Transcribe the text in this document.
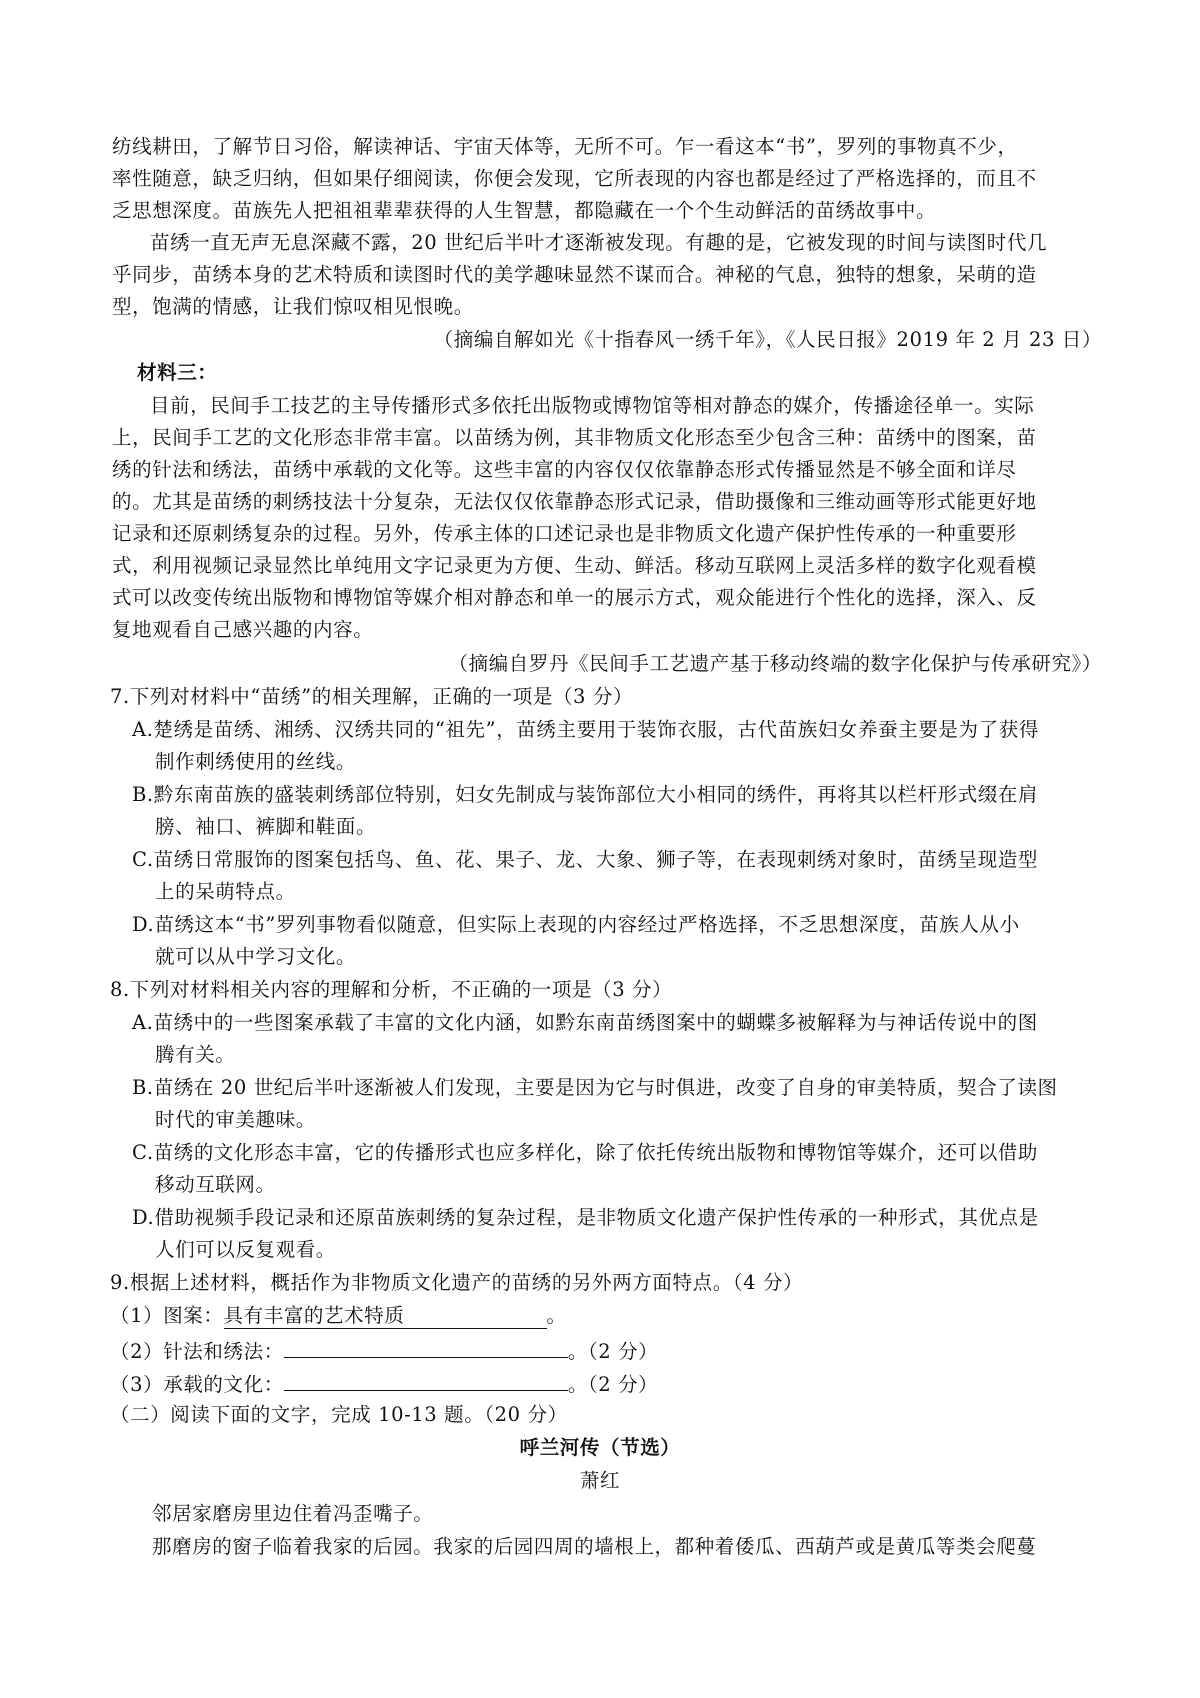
纺线耕田，了解节日习俗，解读神话、宇宙天体等，无所不可。乍一看这本“书”，罗列的事物真不少，
率性随意，缺乏归纳，但如果仔细阅读，你便会发现，它所表现的内容也都是经过了严格选择的，而且不
乏思想深度。苗族先人把祖祖辈辈获得的人生智慧，都隐藏在一个个生动鲜活的苗绣故事中。
苗绣一直无声无息深藏不露，20 世纪后半叶才逐渐被发现。有趣的是，它被发现的时间与读图时代几
乎同步，苗绣本身的艺术特质和读图时代的美学趣味显然不谋而合。神秘的气息，独特的想象，呆萌的造
型，饱满的情感，让我们惊叹相见恨晚。
（摘编自解如光《十指春风一绣千年》，《人民日报》2019 年 2 月 23 日）
材料三：
目前，民间手工技艺的主导传播形式多依托出版物或博物馆等相对静态的媒介，传播途径单一。实际
上，民间手工艺的文化形态非常丰富。以苗绣为例，其非物质文化形态至少包含三种：苗绣中的图案，苗
绣的针法和绣法，苗绣中承载的文化等。这些丰富的内容仅仅依靠静态形式传播显然是不够全面和详尽
的。尤其是苗绣的刺绣技法十分复杂，无法仅仅依靠静态形式记录，借助摄像和三维动画等形式能更好地
记录和还原刺绣复杂的过程。另外，传承主体的口述记录也是非物质文化遗产保护性传承的一种重要形
式，利用视频记录显然比单纯用文字记录更为方便、生动、鲜活。移动互联网上灵活多样的数字化观看模
式可以改变传统出版物和博物馆等媒介相对静态和单一的展示方式，观众能进行个性化的选择，深入、反
复地观看自己感兴趣的内容。
（摘编自罗丹《民间手工艺遗产基于移动终端的数字化保护与传承研究》）
7.下列对材料中“苗绣”的相关理解，正确的一项是（3 分）
A.楚绣是苗绣、湘绣、汉绣共同的“祖先”，苗绣主要用于装饰衣服，古代苗族妇女养蚕主要是为了获得
制作刺绣使用的丝线。
B.黔东南苗族的盛装刺绣部位特别，妇女先制成与装饰部位大小相同的绣件，再将其以栏杆形式缀在肩
膀、袖口、裤脚和鞋面。
C.苗绣日常服饰的图案包括鸟、鱼、花、果子、龙、大象、狮子等，在表现刺绣对象时，苗绣呈现造型
上的呆萌特点。
D.苗绣这本“书”罗列事物看似随意，但实际上表现的内容经过严格选择，不乏思想深度，苗族人从小
就可以从中学习文化。
8.下列对材料相关内容的理解和分析，不正确的一项是（3 分）
A.苗绣中的一些图案承载了丰富的文化内涵，如黔东南苗绣图案中的蝴蝶多被解释为与神话传说中的图
腾有关。
B.苗绣在 20 世纪后半叶逐渐被人们发现，主要是因为它与时俱进，改变了自身的审美特质，契合了读图
时代的审美趣味。
C.苗绣的文化形态丰富，它的传播形式也应多样化，除了依托传统出版物和博物馆等媒介，还可以借助
移动互联网。
D.借助视频手段记录和还原苗族刺绣的复杂过程，是非物质文化遗产保护性传承的一种形式，其优点是
人们可以反复观看。
9.根据上述材料，概括作为非物质文化遗产的苗绣的另外两方面特点。（4 分）
（1）图案：具有丰富的艺术特质	。
（2）针法和绣法：	。（2 分）
（3）承载的文化：	。（2 分）
（二）阅读下面的文字，完成 10-13 题。（20 分）
呼兰河传（节选）
萧红
邻居家磨房里边住着冯歪嘴子。
那磨房的窗子临着我家的后园。我家的后园四周的墙根上，都种着倭瓜、西葫芦或是黄瓜等类会爬蔓
